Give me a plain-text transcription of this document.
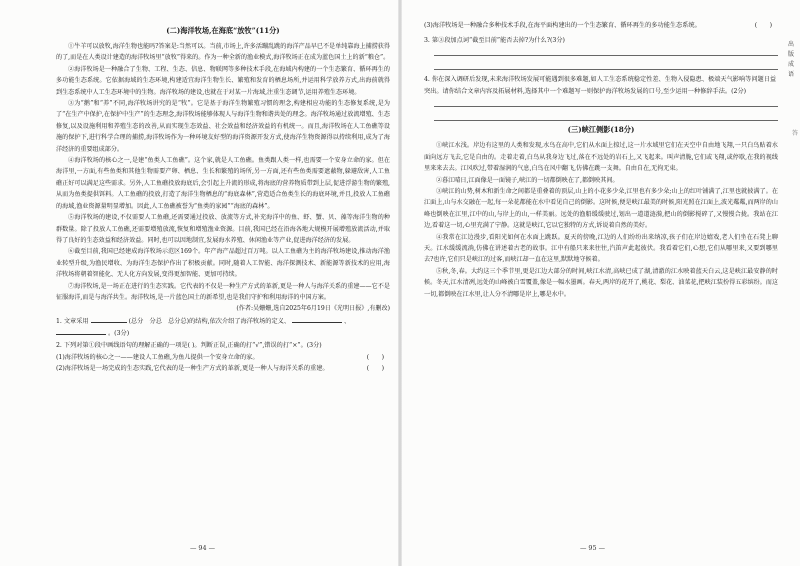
(二)海洋牧场,在海底“放牧”(11分)

①牛羊可以放牧,海洋生物也能吗?答案是:当然可以。当前,市场上,许多活蹦乱跳的海洋产品早已不是单纯靠海上捕捞获得的了,而是在人类设计建造的海洋牧场里“放牧”得来的。作为一种全新的渔业模式,海洋牧场正在成为蓝色国土上的新“粮仓”。

②海洋牧场是一种融合了生物、工程、生态、信息、物联网等多种技术手段,在海域内构建的一个生态繁育、循环再生的多功能生态系统。它依据海域的生态环境,构建适宜海洋生物生长、繁殖和发育的栖息场所,并运用科学放养方式,出海前就得到生态系统中人工生态环境中的生物。海洋牧场的建设,也就在于对某一片海域,注重生态调节,运用养殖生态环境。

③为“鹅”和“养”不同,海洋牧场讲究的是“牧”。它是基于海洋生物繁殖习惯的理念,构建相应功能的生态修复系统,是为了“在生产中保护,在保护中生产”的生态理念,海洋牧场能够体现人与海洋生物和谐共处的理念。海洋牧场通过放流增殖、生态修复,以及设施利用和养殖生态的改善,从而实现生态效益、社会效益和经济效益的有机统一。而且,海洋牧场在人工鱼礁等设施的保护下,进行科学合理的捕捞,海洋牧场作为一种环境友好型的海洋资源开发方式,使海洋生物资源得以持续利用,成为了海洋经济的重要组成部分。

④海洋牧场的核心之一,是建“鱼类人工鱼礁”。这个家,就是人工鱼礁。鱼类跟人类一样,也需要一个安身立命的家。但在海洋里,一方面,有些鱼类和其他生物需要产卵、栖息、生长和繁殖的场所,另一方面,还有些鱼类需要遮蔽物,躲避敌害,人工鱼礁正好可以满足这些需求。另外,人工鱼礁投放海底后,会引起上升流的形成,将海底的营养物质带到上层,促进浮游生物的繁殖,从而为鱼类提供饵料。人工鱼礁的投放,打造了海洋生物栖息的“海底森林”,营造适合鱼类生长的海底环境,并且,投放人工鱼礁的海域,渔业资源量明显增加。因此,人工鱼礁被誉为“鱼类的家园”“海底的森林”。

⑤海洋牧场的建设,不仅需要人工鱼礁,还需要通过投放、放流等方式,补充海洋中的鱼、虾、蟹、贝、藻等海洋生物的种群数量。除了投放人工鱼礁,还需要增殖放流,恢复和增殖渔业资源。目前,我国已经在沿海各地大规模开展增殖放流活动,并取得了良好的生态效益和经济效益。同时,也可以因地制宜,发展海水养殖、休闲渔业等产业,促进海洋经济的发展。

⑥截至目前,我国已经建成海洋牧场示范区169个。年产海产品超过百万吨。以人工鱼礁为主的海洋牧场建设,推动海洋渔业转型升级,为渔民增收、为海洋生态保护作出了积极贡献。同时,随着人工智能、海洋探测技术、新能源等新技术的应用,海洋牧场将朝着智能化、无人化方向发展,变得更加智能、更加可持续。

⑦海洋牧场,是一场正在进行的生态实践。它代表的不仅是一种生产方式的革新,更是一种人与海洋关系的重建——它不是征服海洋,而是与海洋共生。海洋牧场,是一片蓝色国土的新希望,也是我们守护和利用海洋的中国方案。

(作者:吴姗姗,选自2025年6月19日《光明日报》,有删改)
1. 文章采用	(总分　分总　总分总)的结构,依次介绍了海洋牧场的定义、	、  。(3分)
2. 下列对第①段中画线语句的理解正确的一项是( )。判断正误,正确的打“√”,错误的打“×”。(3分)
(　　)
(1)海洋牧场的核心之一——建设人工鱼礁,为鱼儿提供一个安身立命的家。
(　　)
(2)海洋牧场是一场完成的生态实践,它代表的是一种生产方式的革新,更是一种人与海洋关系的重建。
— 94 —
(　　)
(3)海洋牧场是一种融合多种技术手段,在海平面构建出的一个生态繁育、循环再生的多功能生态系统。
3. 第③段加点词“截至目前”能否去掉?为什么?(3分)
4. 你在深入调研后发现,未来海洋牧场发展可能遇到很多难题,如人工生态系统稳定性差、生物入侵隐患、极端天气影响等问题日益突出。请你结合文章内容及拓展材料,选择其中一个难题写一则保护海洋牧场发展的口号,至少运用一种修辞手法。(2分)
(三)峡江侧影(18分)

①峡江水浅。岸边有这里的人类和发现,水鸟在高中,它们从水面上掠过,这一片水域里它们在天空中自由地飞翔,一只白鸟贴着水面向远方飞去,它是自由的。走着走着,白鸟从我身边飞过,落在不远处的岩石上,又飞起来。叫声清脆,它们或飞翔,或停歇,在我的视线里来来去去。江风吹过,带着湿润的气息,白鸟在风中翻飞,仿佛在跳一支舞。自由自在,无拘无束。

②暮江晴日,江面像是一面镜子,峡江的一切都倒映在了,都倒映其间。

③峡江的山势,树木和新生命之间都是重叠着的顶层,山上的小花多少朵,江里也有多少朵;山上的红叶铺满了,江里也就披满了。在江面上,山与水交融在一起,每一朵花都能在水中看见自己的倒影。这时候,便是峡江最美的时候,阳光照在江面上,波光粼粼,而两岸的山峰也倒映在江里,江中的山,与岸上的山,一样美丽。远处的渔船缓缓驶过,划出一道道涟漪,把山的倒影搅碎了,又慢慢合拢。我站在江边,看着这一切,心里充满了宁静。这就是峡江,它以它独特的方式,诉说着自然的美好。

④我常在江边漫步,看阳光如何在水面上跳跃。夏天的傍晚,江边的人们纷纷出来纳凉,孩子们在岸边嬉戏,老人们坐在石凳上聊天。江水缓缓流淌,仿佛在讲述着古老的故事。江中有船只来来往往,汽笛声此起彼伏。我看着它们,心想,它们从哪里来,又要到哪里去?也许,它们只是峡江的过客,而峡江却一直在这里,默默地守候着。

⑤秋,冬,春。大约这三个季节里,更是江边大部分的时间,峡江水清,高峡已成了湖,清澈的江水映着蓝天白云,这是峡江最安静的时候。冬天,江水清冽,远处的山峰被白雪覆盖,像是一幅水墨画。春天,两岸的花开了,桃花、梨花、油菜花,把峡江装扮得五彩缤纷。而这一切,都倒映在江水里,让人分不清哪是岸上,哪是水中。

— 95 —
出
版
成
语
答
